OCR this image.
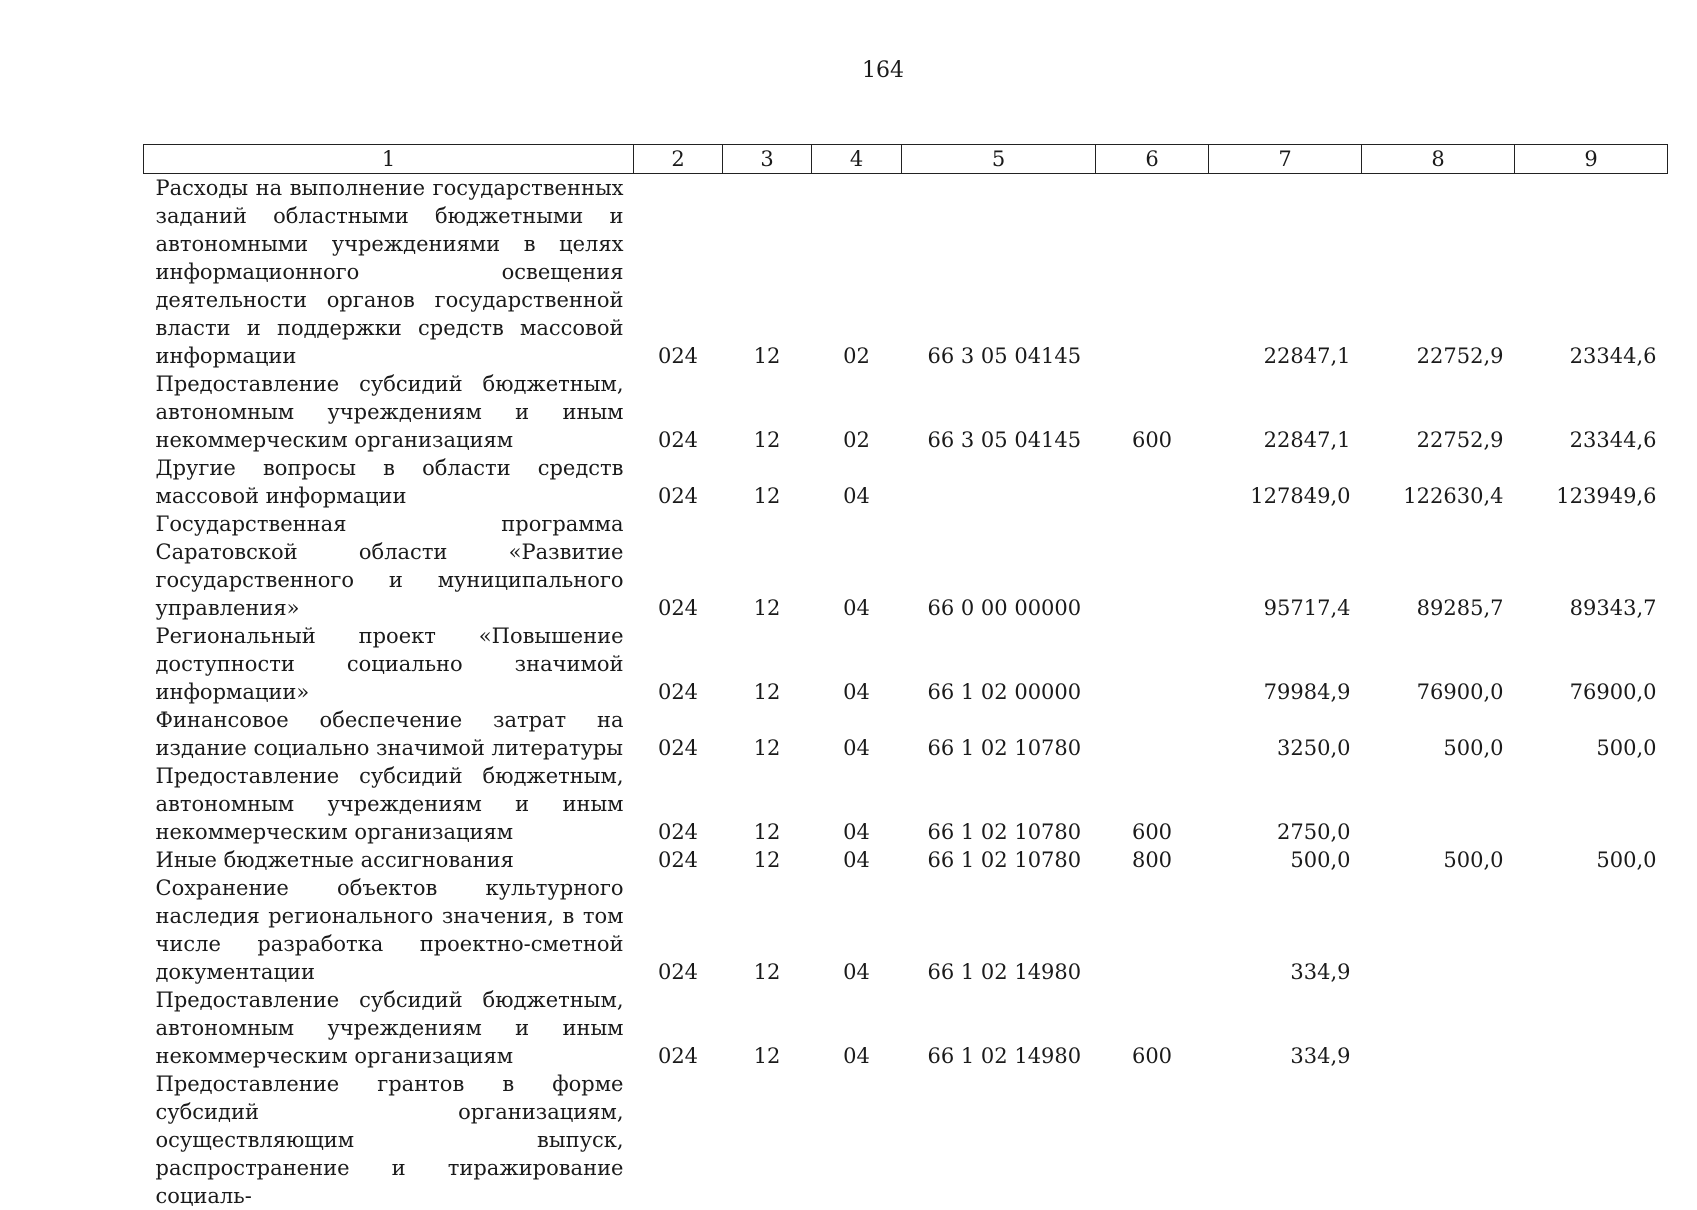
164
1	2	3	4	5	6	7	8	9
Расходы на выполнение государственных заданий областными бюджетными и автономными учреждениями в целях информационного освещения деятельности органов государственной власти и поддержки средств массовой информации	024	12	02	66 3 05 04145		22847,1	22752,9	23344,6
Предоставление субсидий бюджетным, автономным учреждениям и иным некоммерческим организациям	024	12	02	66 3 05 04145	600	22847,1	22752,9	23344,6
Другие вопросы в области средств массовой информации	024	12	04			127849,0	122630,4	123949,6
Государственная программа Саратовской области «Развитие государственного и муниципального управления»	024	12	04	66 0 00 00000		95717,4	89285,7	89343,7
Региональный проект «Повышение доступности социально значимой информации»	024	12	04	66 1 02 00000		79984,9	76900,0	76900,0
Финансовое обеспечение затрат на издание социально значимой литературы	024	12	04	66 1 02 10780		3250,0	500,0	500,0
Предоставление субсидий бюджетным, автономным учреждениям и иным некоммерческим организациям	024	12	04	66 1 02 10780	600	2750,0		
Иные бюджетные ассигнования	024	12	04	66 1 02 10780	800	500,0	500,0	500,0
Сохранение объектов культурного наследия регионального значения, в том числе разработка проектно-сметной документации	024	12	04	66 1 02 14980		334,9		
Предоставление субсидий бюджетным, автономным учреждениям и иным некоммерческим организациям	024	12	04	66 1 02 14980	600	334,9		
Предоставление грантов в форме субсидий организациям, осуществляющим выпуск, распространение и тиражирование социаль-								
